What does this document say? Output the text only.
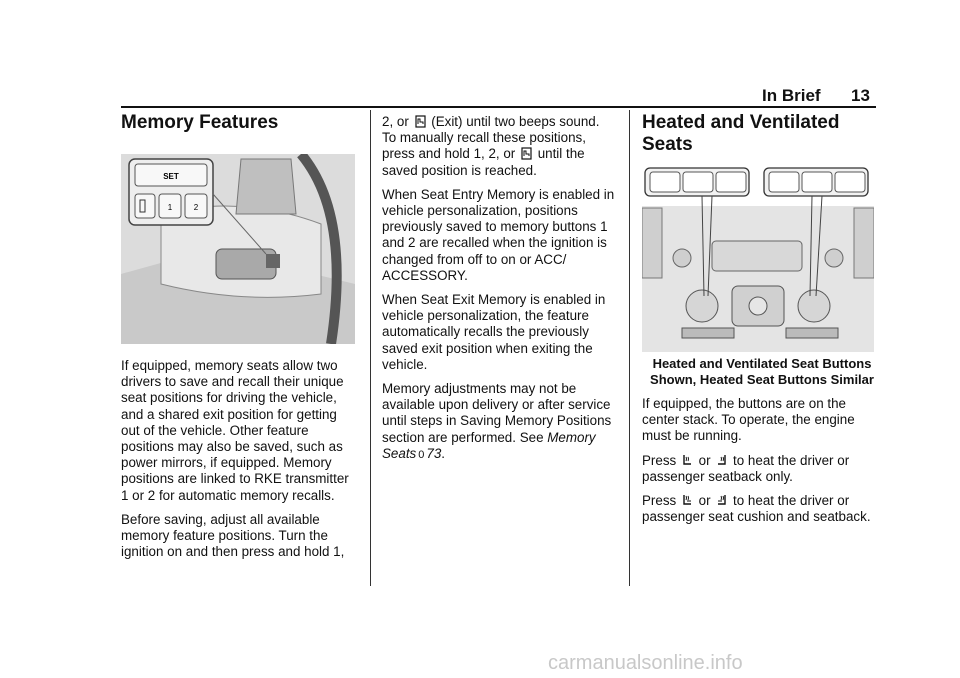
In Brief 13
Memory Features
SET
1	2

If equipped, memory seats allow two drivers to save and recall their unique seat positions for driving the vehicle, and a shared exit position for getting out of the vehicle. Other feature positions may also be saved, such as power mirrors, if equipped. Memory positions are linked to RKE transmitter 1 or 2 for automatic memory recalls.

Before saving, adjust all available memory feature positions. Turn the ignition on and then press and hold 1,

2, or  (Exit) until two beeps sound. To manually recall these positions, press and hold 1, 2, or  until the saved position is reached.

When Seat Entry Memory is enabled in vehicle personalization, positions previously saved to memory buttons 1 and 2 are recalled when the ignition is changed from off to on or ACC/ ACCESSORY.

When Seat Exit Memory is enabled in vehicle personalization, the feature automatically recalls the previously saved exit position when exiting the vehicle.

Memory adjustments may not be available upon delivery or after service until steps in Saving Memory Positions section are performed. See Memory Seats 0 73.

Heated and Ventilated Seats

Heated and Ventilated Seat Buttons Shown, Heated Seat Buttons Similar

If equipped, the buttons are on the center stack. To operate, the engine must be running.

Press  or  to heat the driver or passenger seatback only.

Press  or  to heat the driver or passenger seat cushion and seatback.

carmanualsonline.info
